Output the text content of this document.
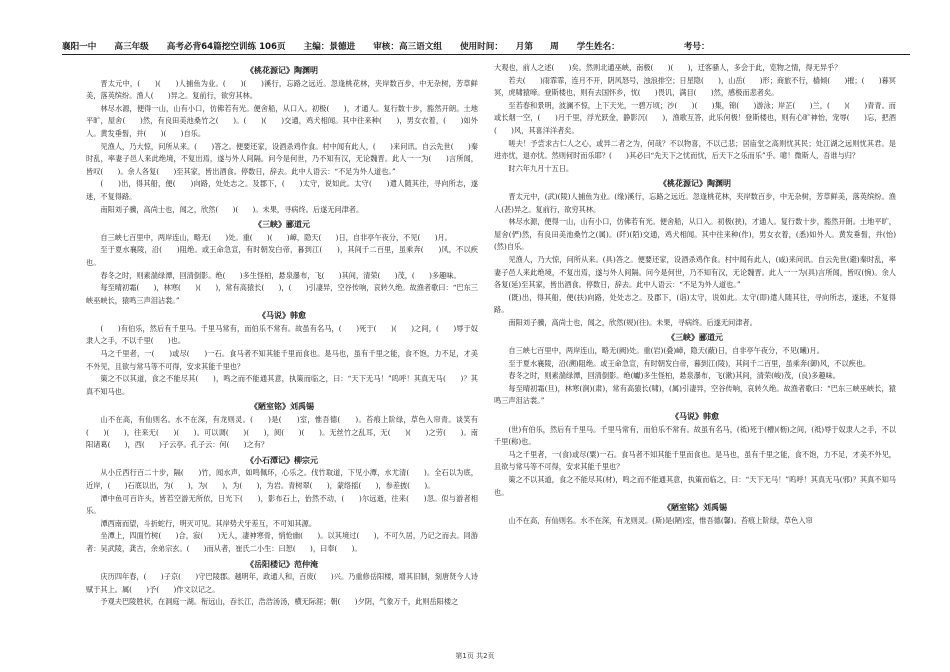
襄阳一中 高三年级 高考必背64篇挖空训练 106页 主编：景德进 审核：高三语文组 使用时间：　　月第　　周 学生姓名：	考号：
《桃花源记》陶渊明
晋太元中，(　　)(　　)人捕鱼为业。(　　)(　　)溪行，忘路之远近。忽逢桃花林，夹岸数百步，中无杂树，芳草鲜美，落英缤纷。渔人(　　)异之。复前行，欲穷其林。
林尽水源，便得一山，山有小口，仿佛若有光。便舍船，从口入。初极(　　)，才通人。复行数十步，豁然开朗。土地平旷，屋舍(　　)然，有良田美池桑竹之(　　)。(　　)(　　)交通，鸡犬相闻。其中往来种(　　)，男女衣着，(　　)如外人。黄发垂髫，并(　　)(　　)自乐。
见渔人，乃大惊，问所从来。(　　)答之。便要还家，设酒杀鸡作食。村中闻有此人，(　　)来问讯。自云先世(　　)秦时乱，率妻子邑人来此绝境，不复出焉，遂与外人间隔。问今是何世，乃不知有汉，无论魏晋。此人一一为(　　)言所闻，皆叹(　　)。余人各复(　　)至其家，皆出酒食。停数日，辞去。此中人语云：“不足为外人道也。”
(　　)出，得其船，便(　　)向路，处处志之。及郡下，(　　)太守，说如此。太守(　　)遣人随其往，寻向所志，遂迷，不复得路。
南阳刘子骥，高尚士也，闻之，欣然(　　)(　　)。未果，寻病终。后遂无问津者。
《三峡》郦道元
自三峡七百里中，两岸连山，略无(　　)处。重(　　)(　　)嶂，隐天(　　)日，自非亭午夜分，不见(　　)月。
至于夏水襄陵，沿(　　)阻绝。或王命急宣，有时朝发白帝，暮到江(　　)，其间千二百里，虽乘奔(　　)风，不以疾也。
春冬之时，则素湍绿潭，回清倒影。绝(　　)多生怪柏，悬泉瀑布，飞(　　)其间，清荣(　　)茂，(　　)多趣味。
每至晴初霜(　　)，林寒(　　)(　　)，常有高猿长(　　)，(　　)引凄异，空谷传响，哀转久绝。故渔者歌曰：“巴东三峡巫峡长，猿鸣三声泪沾裳。”
《马说》韩愈
(　　)有伯乐，然后有千里马。千里马常有，而伯乐不常有。故虽有名马，(　　)死于(　　)(　　)之间，(　　)辱于奴隶人之手，不以千里(　　)也。
马之千里者，一(　　)或尽(　　)一石。食马者不知其能千里而食也。是马也，虽有千里之能，食不饱，力不足，才美不外见，且欲与常马等不可得，安求其能千里也？
策之不以其道，食之不能尽其(　　)，鸣之而不能通其意，执策而临之，曰：“天下无马！”呜呼！其真无马(　　)？其真不知马也。
《陋室铭》刘禹锡
山不在高，有仙则名。水不在深，有龙则灵。(　　)是(　　)室，惟吾德(　　)。苔痕上阶绿，草色入帘青。谈笑有(　　)(　　)，往来无(　　)(　　)。可以调(　　)(　　)，阅(　　)(　　)。无丝竹之乱耳，无(　　)(　　)之劳(　　)。南阳诸葛(　　)，西(　　)子云亭。孔子云：何(　　)之有？
《小石潭记》柳宗元
从小丘西行百二十步，隔(　　)竹，闻水声，如鸣佩环，心乐之。伐竹取道，下见小潭，水尤清(　　)。全石以为底，近岸，(　　)石底以出，为(　　)，为(　　)，为(　　)，为岩。青树翠(　　)，蒙络摇(　　)，参差披(　　)。
潭中鱼可百许头，皆若空游无所依，日光下(　　)，影布石上，佁然不动，(　　)尔远逝，往来(　　)忽。似与游者相乐。
潭西南而望，斗折蛇行，明灭可见。其岸势犬牙差互，不可知其源。
坐潭上，四面竹树(　　)合，寂(　　)无人，凄神寒骨，悄怆幽(　　)。以其境过(　　)，不可久居，乃记之而去。同游者：吴武陵，龚古，余弟宗玄。(　　)而从者，崔氏二小生：曰恕(　　)，曰奉(　　)。
《岳阳楼记》范仲淹
庆历四年春，(　　)子京(　　)守巴陵郡。越明年，政通人和，百废(　　)兴。乃重修岳阳楼，增其旧制，刻唐贤今人诗赋于其上。属(　　)予(　　)作文以记之。
予观夫巴陵胜状，在洞庭一湖。衔远山，吞长江，浩浩汤汤，横无际涯；朝(　　)夕阴，气象万千，此则岳阳楼之
大观也，前人之述(　　)矣。然则北通巫峡，南极(　　)(　　)，迁客骚人，多会于此，览物之情，得无异乎？
若夫(　　)雨霏霏，连月不开，阴风怒号，浊浪排空；日星隐(　　)，山岳(　　)形；商旅不行，樯倾(　　)摧；(　　)暮冥冥，虎啸猿啼。登斯楼也，则有去国怀乡，忧(　　)畏讥，满目(　　)然，感极而悲者矣。
至若春和景明，波澜不惊，上下天光，一碧万顷；沙(　　)(　　)集，锦(　　)游泳；岸芷(　　)兰，(　　)(　　)青青。而或长烟一空，(　　)月千里，浮光跃金，静影沉(　　)，渔歌互答，此乐何极！登斯楼也，则有心旷神怡，宠辱(　　)忘，把酒(　　)风，其喜洋洋者矣。
嗟夫！予尝求古仁人之心，或异二者之为，何哉？不以物喜，不以己悲；居庙堂之高则忧其民；处江湖之远则忧其君。是进亦忧，退亦忧。然则何时而乐耶？(　　)其必曰“先天下之忧而忧，后天下之乐而乐”乎。噫！微斯人，吾谁与归？
时六年九月十五日。
《桃花源记》陶渊明
晋太元中，(武)(陵)人捕鱼为业。(缘)溪行，忘路之远近。忽逢桃花林，夹岸数百步，中无杂树，芳草鲜美，落英缤纷。渔人(甚)异之。复前行，欲穷其林。
林尽水源，便得一山，山有小口，仿佛若有光。便舍船，从口入。初极(狭)，才通人。复行数十步，豁然开朗。土地平旷，屋舍(俨)然，有良田美池桑竹之(属)。(阡)(陌)交通，鸡犬相闻。其中往来种(作)，男女衣着，(悉)如外人。黄发垂髫，并(怡)(然)自乐。
见渔人，乃大惊，问所从来。(具)答之。便要还家，设酒杀鸡作食。村中闻有此人，(咸)来问讯。自云先世(避)秦时乱，率妻子邑人来此绝境，不复出焉，遂与外人间隔。问今是何世，乃不知有汉，无论魏晋。此人一一为(具)言所闻，皆叹(惋)。余人各复(延)至其家，皆出酒食。停数日，辞去。此中人语云：“不足为外人道也。”
(既)出，得其船，便(扶)向路，处处志之。及郡下，(诣)太守，说如此。太守(即)遣人随其往，寻向所志，遂迷，不复得路。
南阳刘子骥，高尚士也，闻之，欣然(规)(往)。未果，寻病终。后遂无问津者。
《三峡》郦道元
自三峡七百里中，两岸连山，略无(阙)处。重(岩)(叠)嶂，隐天(蔽)日，自非亭午夜分，不见(曦)月。
至于夏水襄陵，沿(溯)阻绝。或王命急宣，有时朝发白帝，暮到江(陵)，其间千二百里，虽乘奔(御)风，不以疾也。
春冬之时，则素湍绿潭，回清倒影。绝(巘)多生怪柏，悬泉瀑布，飞(漱)其间，清荣(峻)茂，(良)多趣味。
每至晴初霜(旦)，林寒(涧)(肃)，常有高猿长(啸)，(属)引凄异，空谷传响，哀转久绝。故渔者歌曰：“巴东三峡巫峡长，猿鸣三声泪沾裳。”
《马说》韩愈
(世)有伯乐，然后有千里马。千里马常有，而伯乐不常有。故虽有名马，(祗)死于(槽)(枥)之间，(祗)辱于奴隶人之手，不以千里(称)也。
马之千里者，一(食)或尽(粟)一石。食马者不知其能千里而食也。是马也，虽有千里之能，食不饱，力不足，才美不外见，且欲与常马等不可得，安求其能千里也？
策之不以其道，食之不能尽其(材)，鸣之而不能通其意，执策而临之，曰：“天下无马！”呜呼！其真无马(邪)？其真不知马也。
《陋室铭》刘禹锡
山不在高，有仙则名。水不在深，有龙则灵。(斯)是(陋)室，惟吾德(馨)。苔痕上阶绿，草色入帘
第1页 共2页
